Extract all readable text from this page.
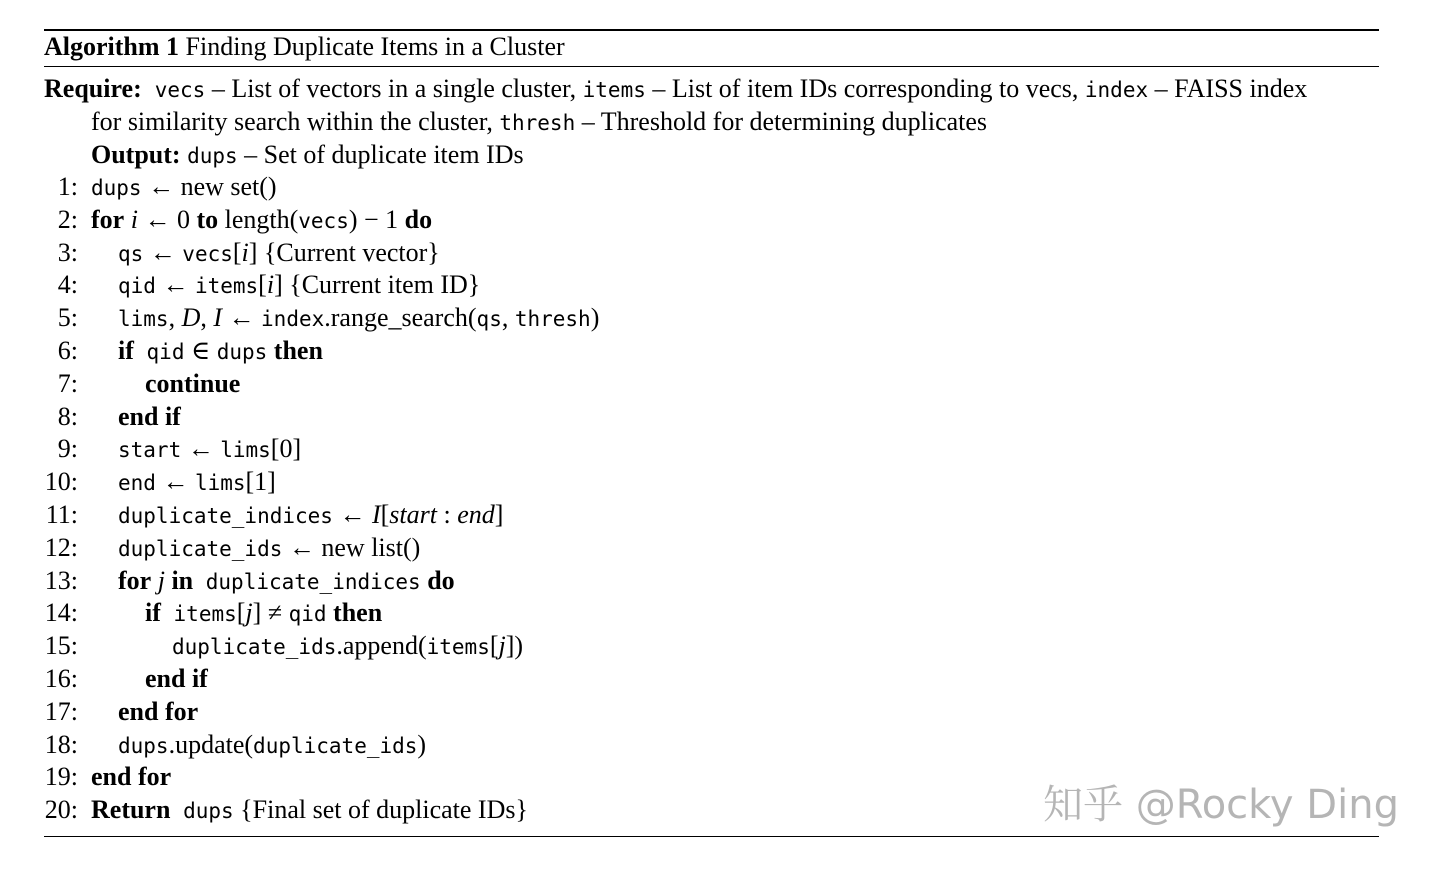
Algorithm 1 Finding Duplicate Items in a Cluster
Require: vecs – List of vectors in a single cluster, items – List of item IDs corresponding to vecs, index – FAISS index
for similarity search within the cluster, thresh – Threshold for determining duplicates
Output: dups – Set of duplicate item IDs
1: dups ← new set()
2: for i ← 0 to length(vecs) − 1 do
3: qs ← vecs[i] {Current vector}
4: qid ← items[i] {Current item ID}
5: lims, D, I ← index.range_search(qs, thresh)
6: if qid ∈ dups then
7:	continue
8: end if
9: start ← lims[0]
10: end ← lims[1]
11: duplicate_indices ← I[start : end]
12: duplicate_ids ← new list()
13: for j in duplicate_indices do
14:	if items[j] ≠ qid then
15:	duplicate_ids.append(items[j])
16:	end if
17: end for
18: dups.update(duplicate_ids)
19: end for
20: Return dups {Final set of duplicate IDs}	知乎 @Rocky Ding
